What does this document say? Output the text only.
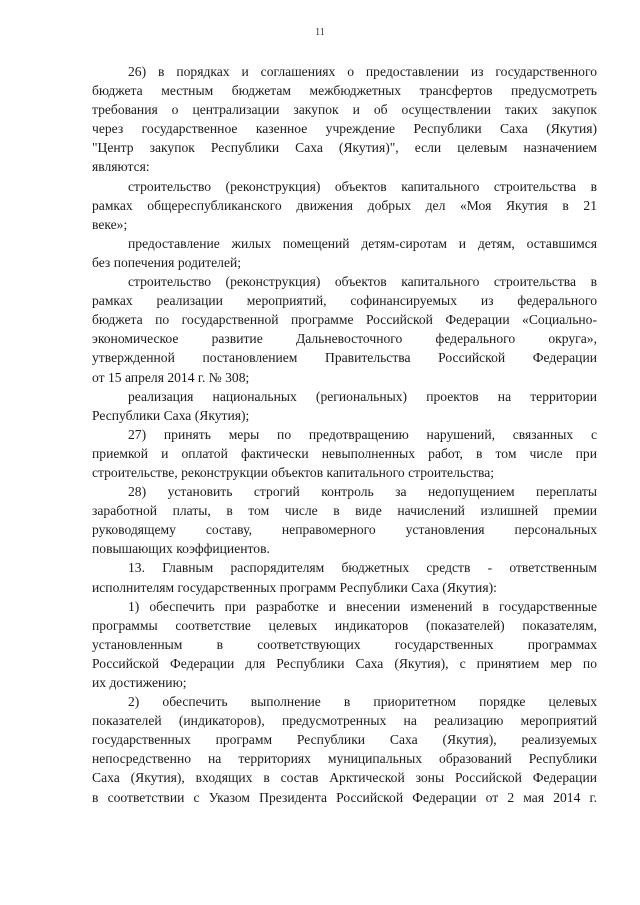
11
26) в порядках и соглашениях о предоставлении из государственного
бюджета местным бюджетам межбюджетных трансфертов предусмотреть
требования о централизации закупок и об осуществлении таких закупок
через государственное казенное учреждение Республики Саха (Якутия)
"Центр закупок Республики Саха (Якутия)", если целевым назначением
являются:
строительство (реконструкция) объектов капитального строительства в
рамках общереспубликанского движения добрых дел «Моя Якутия в 21
веке»;
предоставление жилых помещений детям-сиротам и детям, оставшимся
без попечения родителей;
строительство (реконструкция) объектов капитального строительства в
рамках реализации мероприятий, софинансируемых из федерального
бюджета по государственной программе Российской Федерации «Социально-
экономическое развитие Дальневосточного федерального округа»,
утвержденной постановлением Правительства Российской Федерации
от 15 апреля 2014 г. № 308;
реализация национальных (региональных) проектов на территории
Республики Саха (Якутия);
27) принять меры по предотвращению нарушений, связанных с
приемкой и оплатой фактически невыполненных работ, в том числе при
строительстве, реконструкции объектов капитального строительства;
28) установить строгий контроль за недопущением переплаты
заработной платы, в том числе в виде начислений излишней премии
руководящему составу, неправомерного установления персональных
повышающих коэффициентов.
13. Главным распорядителям бюджетных средств - ответственным
исполнителям государственных программ Республики Саха (Якутия):
1) обеспечить при разработке и внесении изменений в государственные
программы соответствие целевых индикаторов (показателей) показателям,
установленным в соответствующих государственных программах
Российской Федерации для Республики Саха (Якутия), с принятием мер по
их достижению;
2) обеспечить выполнение в приоритетном порядке целевых
показателей (индикаторов), предусмотренных на реализацию мероприятий
государственных программ Республики Саха (Якутия), реализуемых
непосредственно на территориях муниципальных образований Республики
Саха (Якутия), входящих в состав Арктической зоны Российской Федерации
в соответствии с Указом Президента Российской Федерации от 2 мая 2014 г.
